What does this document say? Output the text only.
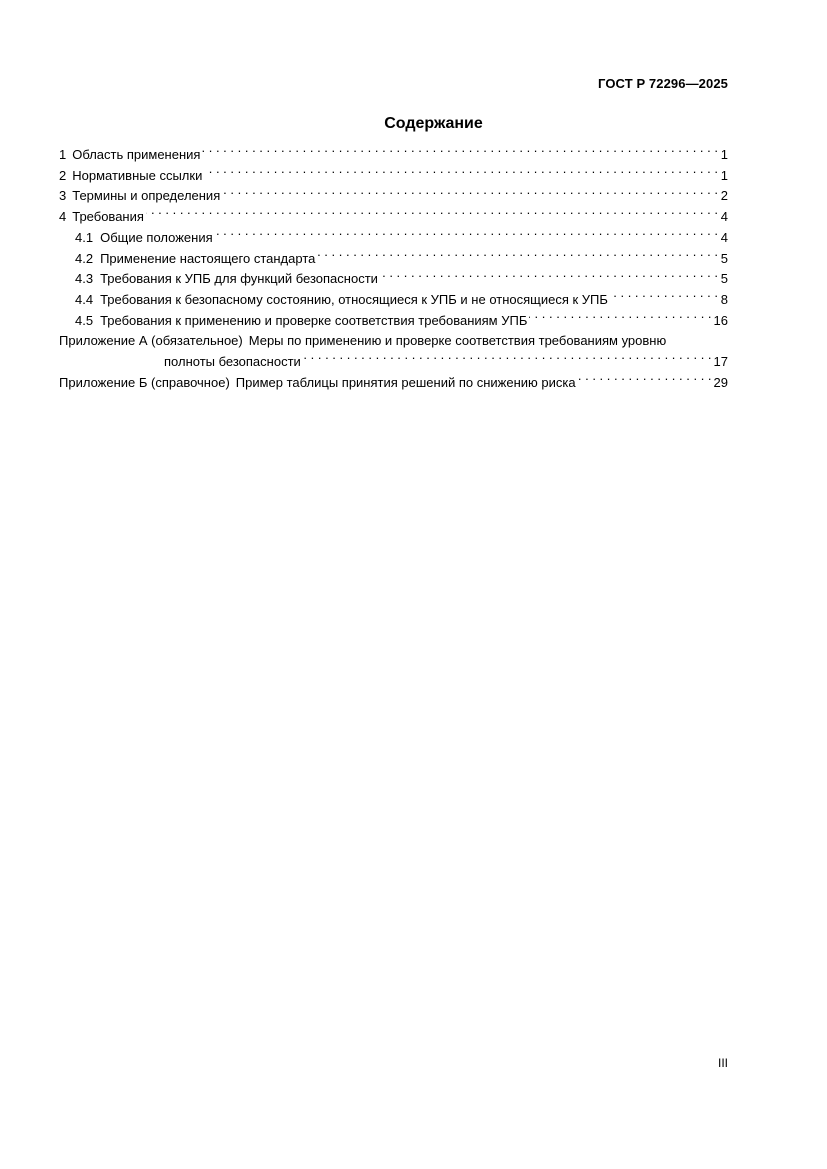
ГОСТ Р 72296—2025
Содержание
1 Область применения . . .	1
2 Нормативные ссылки . . .	1
3 Термины и определения . . .	2
4 Требования . . .	4
4.1 Общие положения . . .	4
4.2 Применение настоящего стандарта . . .	5
4.3 Требования к УПБ для функций безопасности . . .	5
4.4 Требования к безопасному состоянию, относящиеся к УПБ и не относящиеся к УПБ . . .	8
4.5 Требования к применению и проверке соответствия требованиям УПБ . . .	16
Приложение А (обязательное) Меры по применению и проверке соответствия требованиям уровню
полноты безопасности . . .	17
Приложение Б (справочное) Пример таблицы принятия решений по снижению риска . . .	29
III
